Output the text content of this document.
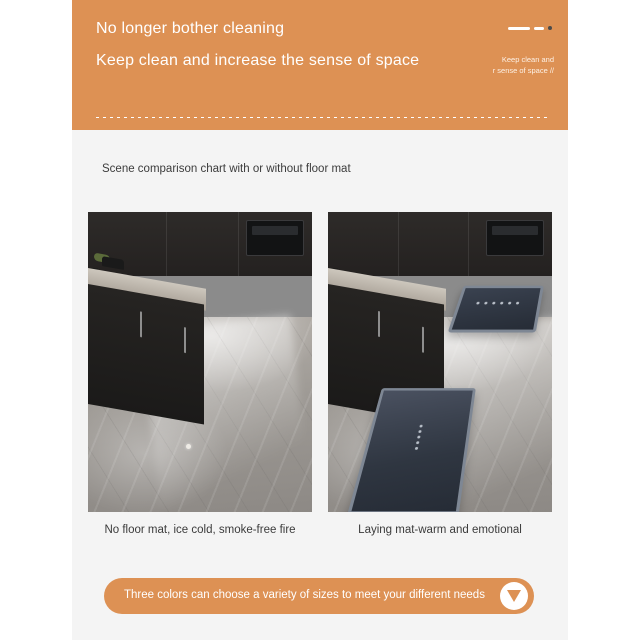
No longer bother cleaning
Keep clean and increase the sense of space	Keep clean and
r sense of space //
Scene comparison chart with or without floor mat
No floor mat, ice cold, smoke-free fire	Laying mat-warm and emotional
Three colors can choose a variety of sizes to meet your different needs
